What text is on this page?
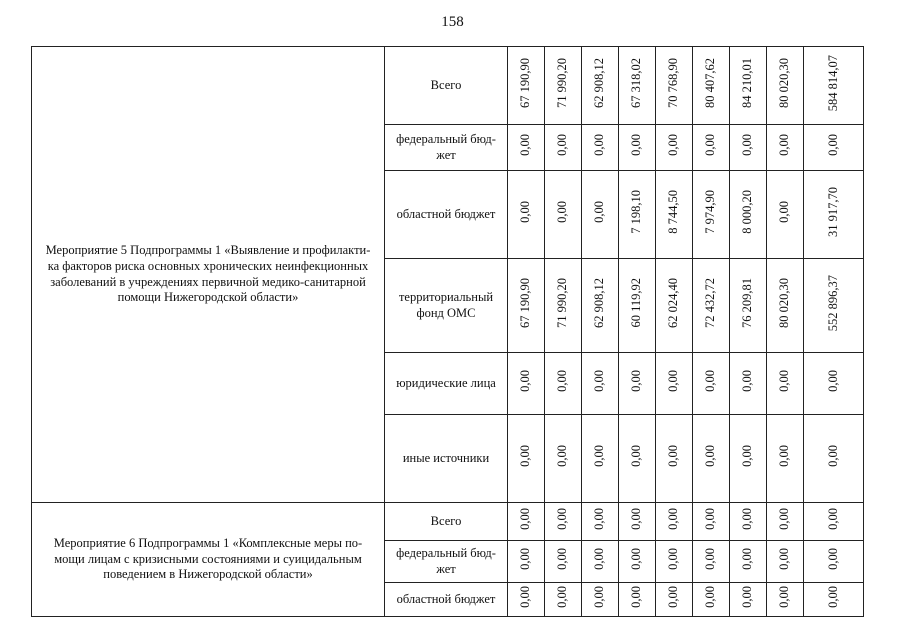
158
Мероприятие 5 Подпрограммы 1 «Выявление и профилакти-ка факторов риска основных хронических неинфекционных заболеваний в учреждениях первичной медико-санитарной помощи Нижегородской области»	Всего	67 190,90	71 990,20	62 908,12	67 318,02	70 768,90	80 407,62	84 210,01	80 020,30	584 814,07
	федеральный бюд-жет	0,00	0,00	0,00	0,00	0,00	0,00	0,00	0,00	0,00
	областной бюджет	0,00	0,00	0,00	7 198,10	8 744,50	7 974,90	8 000,20	0,00	31 917,70
	территориальный фонд ОМС	67 190,90	71 990,20	62 908,12	60 119,92	62 024,40	72 432,72	76 209,81	80 020,30	552 896,37
	юридические лица	0,00	0,00	0,00	0,00	0,00	0,00	0,00	0,00	0,00
	иные источники	0,00	0,00	0,00	0,00	0,00	0,00	0,00	0,00	0,00
Мероприятие 6 Подпрограммы 1 «Комплексные меры по-мощи лицам с кризисными состояниями и суицидальным поведением в Нижегородской области»	Всего	0,00	0,00	0,00	0,00	0,00	0,00	0,00	0,00	0,00
	федеральный бюд-жет	0,00	0,00	0,00	0,00	0,00	0,00	0,00	0,00	0,00
	областной бюджет	0,00	0,00	0,00	0,00	0,00	0,00	0,00	0,00	0,00
